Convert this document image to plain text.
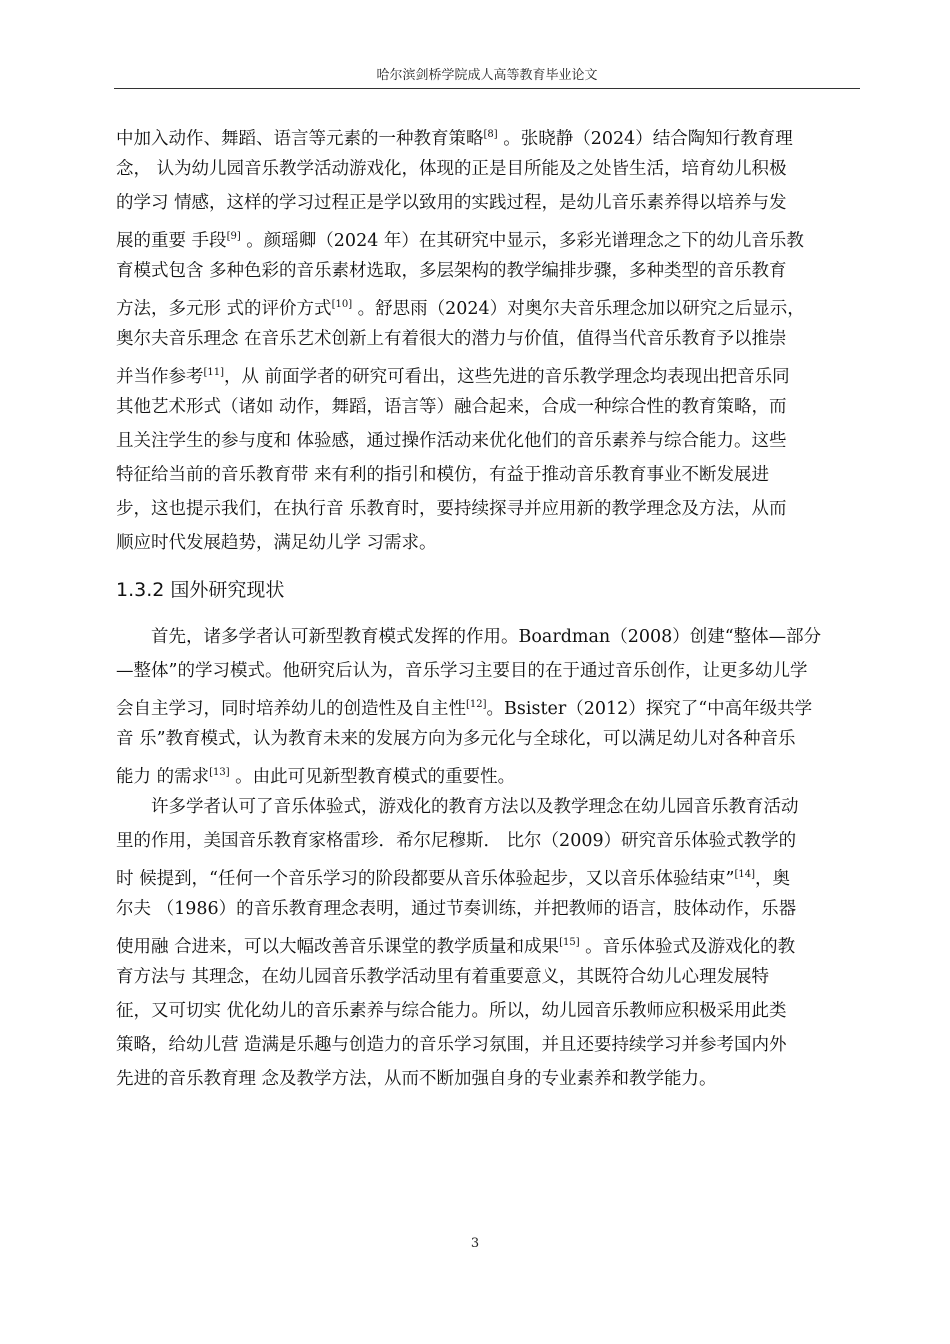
哈尔滨剑桥学院成人高等教育毕业论文
中加入动作、舞蹈、语言等元素的一种教育策略[8] 。张晓静（2024）结合陶知行教育理
念， 认为幼儿园音乐教学活动游戏化，体现的正是目所能及之处皆生活，培育幼儿积极
的学习 情感，这样的学习过程正是学以致用的实践过程，是幼儿音乐素养得以培养与发
展的重要 手段[9] 。颜瑶卿（2024 年）在其研究中显示，多彩光谱理念之下的幼儿音乐教
育模式包含 多种色彩的音乐素材选取，多层架构的教学编排步骤，多种类型的音乐教育
方法，多元形 式的评价方式[10] 。舒思雨（2024）对奥尔夫音乐理念加以研究之后显示，
奥尔夫音乐理念 在音乐艺术创新上有着很大的潜力与价值，值得当代音乐教育予以推崇
并当作参考[11]，从 前面学者的研究可看出，这些先进的音乐教学理念均表现出把音乐同
其他艺术形式（诸如 动作，舞蹈，语言等）融合起来，合成一种综合性的教育策略，而
且关注学生的参与度和 体验感，通过操作活动来优化他们的音乐素养与综合能力。这些
特征给当前的音乐教育带 来有利的指引和模仿，有益于推动音乐教育事业不断发展进
步，这也提示我们，在执行音 乐教育时，要持续探寻并应用新的教学理念及方法，从而
顺应时代发展趋势，满足幼儿学 习需求。
1.3.2 国外研究现状
首先，诸多学者认可新型教育模式发挥的作用。Boardman（2008）创建“整体—部分
—整体”的学习模式。他研究后认为，音乐学习主要目的在于通过音乐创作，让更多幼儿学
会自主学习，同时培养幼儿的创造性及自主性[12]。Bsister（2012）探究了“中高年级共学
音 乐”教育模式，认为教育未来的发展方向为多元化与全球化，可以满足幼儿对各种音乐
能力 的需求[13] 。由此可见新型教育模式的重要性。
许多学者认可了音乐体验式，游戏化的教育方法以及教学理念在幼儿园音乐教育活动
里的作用，美国音乐教育家格雷珍．希尔尼穆斯． 比尔（2009）研究音乐体验式教学的
时 候提到，“任何一个音乐学习的阶段都要从音乐体验起步，又以音乐体验结束”[14]，奥
尔夫 （1986）的音乐教育理念表明，通过节奏训练，并把教师的语言，肢体动作，乐器
使用融 合进来，可以大幅改善音乐课堂的教学质量和成果[15] 。音乐体验式及游戏化的教
育方法与 其理念，在幼儿园音乐教学活动里有着重要意义，其既符合幼儿心理发展特
征，又可切实 优化幼儿的音乐素养与综合能力。所以，幼儿园音乐教师应积极采用此类
策略，给幼儿营 造满是乐趣与创造力的音乐学习氛围，并且还要持续学习并参考国内外
先进的音乐教育理 念及教学方法，从而不断加强自身的专业素养和教学能力。
3
